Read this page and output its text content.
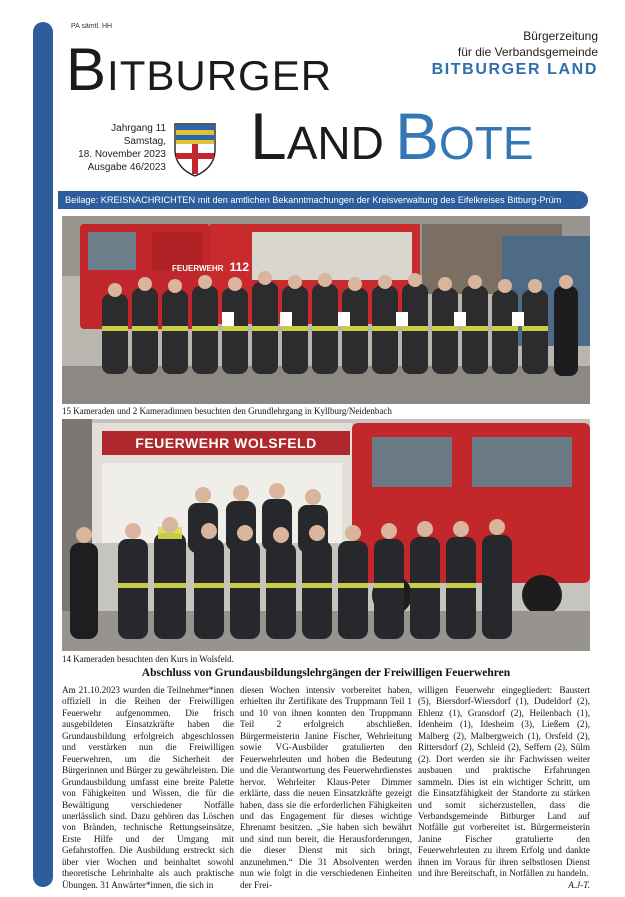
PA sämtl. HH
Bitburger
Land Bote
Bürgerzeitung
für die Verbandsgemeinde
BITBURGER LAND
Jahrgang 11
Samstag,
18. November 2023
Ausgabe 46/2023
Beilage: KREISNACHRICHTEN mit den amtlichen Bekanntmachungen der Kreisverwaltung des Eifelkreises Bitburg-Prüm
FEUERWEHR 112
15 Kameraden und 2 Kameradinnen besuchten den Grundlehrgang in Kyllburg/Neidenbach
FEUERWEHR WOLSFELD
14 Kameraden besuchten den Kurs in Wolsfeld.
Abschluss von Grundausbildungslehrgängen der Freiwilligen Feuerwehren
Am 21.10.2023 wurden die Teilnehmer*innen offiziell in die Reihen der Freiwilligen Feuerwehr aufgenommen. Die frisch ausgebildeten Einsatzkräfte haben die Grundausbildung erfolgreich abgeschlossen und verstärken nun die Freiwilligen Feuerwehren, um die Sicherheit der Bürgerinnen und Bürger zu gewährleisten. Die Grundausbildung umfasst eine breite Palette von Fähigkeiten und Wissen, die für die Bewältigung verschiedener Notfälle unerlässlich sind. Dazu gehören das Löschen von Bränden, technische Rettungseinsätze, Erste Hilfe und der Umgang mit Gefahrstoffen. Die Ausbildung erstreckt sich über vier Wochen und beinhaltet sowohl theoretische Lehrinhalte als auch praktische Übungen. 31 Anwärter*innen, die sich in
diesen Wochen intensiv vorbereitet haben, erhielten ihr Zertifikate des Truppmann Teil 1 und 10 von ihnen konnten den Truppmann Teil 2 erfolgreich abschließen. Bürgermeisterin Janine Fischer, Wehrleitung sowie VG-Ausbilder gratulierten den Feuerwehrleuten und hoben die Bedeutung und die Verantwortung des Feuerwehrdienstes hervor. Wehrleiter Klaus-Peter Dimmer erklärte, dass die neuen Einsatzkräfte gezeigt haben, dass sie die erforderlichen Fähigkeiten und das Engagement für dieses wichtige Ehrenamt besitzen. „Sie haben sich bewährt und sind nun bereit, die Herausforderungen, die dieser Dienst mit sich bringt, anzunehmen.“ Die 31 Absolventen werden nun wie folgt in die verschiedenen Einheiten der Frei-
willigen Feuerwehr eingegliedert: Baustert (5), Biersdorf-Wiersdorf (1), Dudeldorf (2), Ehlenz (1), Gransdorf (2), Heilenbach (1), Idenheim (1), Idesheim (3), Ließem (2), Malberg (2), Malbergweich (1), Orsfeld (2), Rittersdorf (2), Schleid (2), Seffern (2), Sülm (2). Dort werden sie ihr Fachwissen weiter ausbauen und praktische Erfahrungen sammeln. Dies ist ein wichtiger Schritt, um die Einsatzfähigkeit der Standorte zu stärken und somit sicherzustellen, dass die Verbandsgemeinde Bitburger Land auf Notfälle gut vorbereitet ist. Bürgermeisterin Janine Fischer gratulierte den Feuerwehrleuten zu ihrem Erfolg und dankte ihnen im Voraus für ihren selbstlosen Dienst und ihre Bereitschaft, in Notfällen zu handeln.
A.J-T.
